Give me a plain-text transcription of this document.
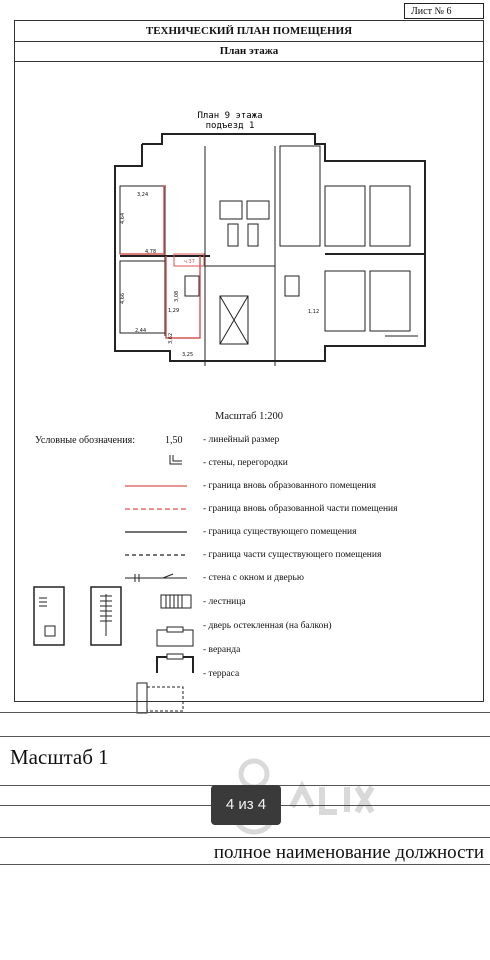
Лист № 6
ТЕХНИЧЕСКИЙ ПЛАН ПОМЕЩЕНИЯ
План этажа
План 9 этажа
подъезд 1
3,24
4,64
4,78
4,66
2,44
3,08
1,29
3,62
3,25
1,12
ч.37
Масштаб 1:200
Условные обозначения:	1,50 - линейный размер
- стены, перегородки
- граница вновь образованного помещения
- граница вновь образованной части помещения
- граница существующего помещения
- граница части существующего помещения
- стена с окном и дверью
- лестница
- дверь остекленная (на балкон)
- веранда
- терраса
Масштаб 1
полное наименование должности
4 из 4
